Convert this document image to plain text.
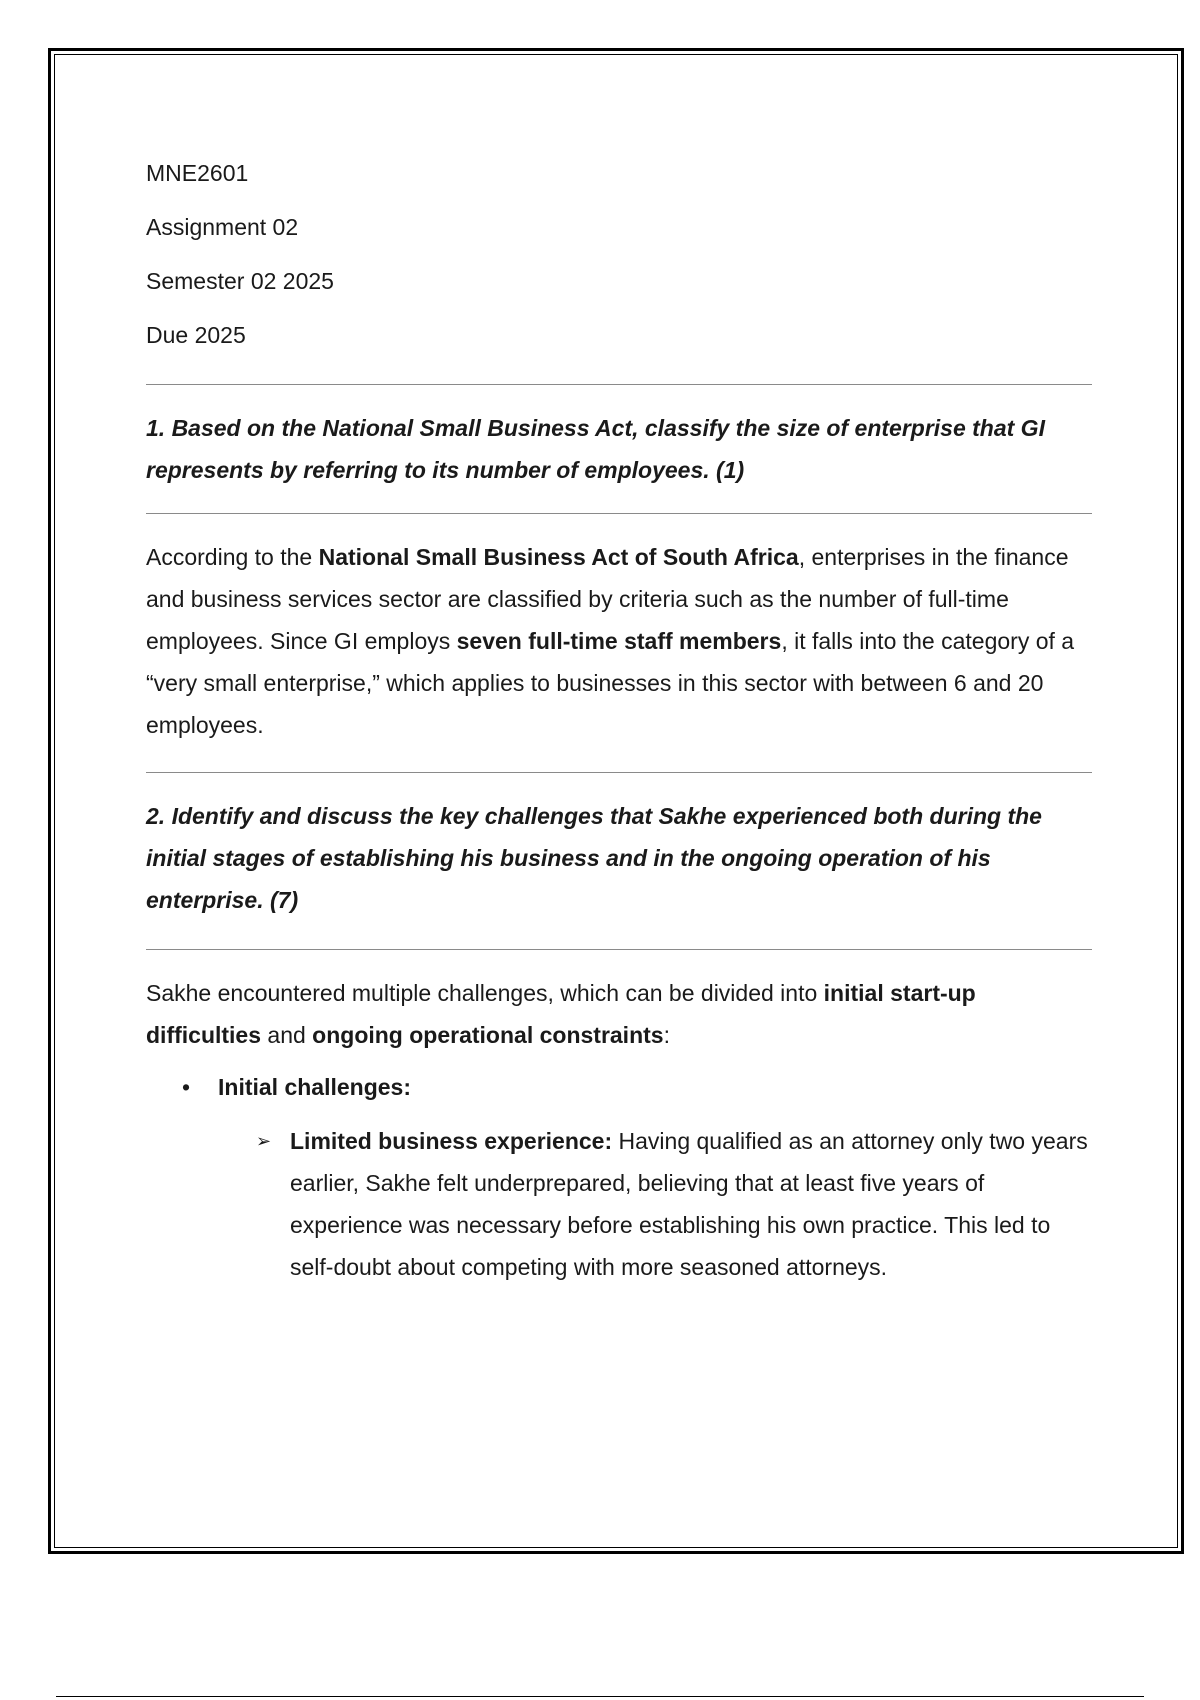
MNE2601

Assignment 02

Semester 02 2025

Due 2025

1. Based on the National Small Business Act, classify the size of enterprise that GI represents by referring to its number of employees. (1)

According to the National Small Business Act of South Africa, enterprises in the finance and business services sector are classified by criteria such as the number of full-time employees. Since GI employs seven full-time staff members, it falls into the category of a “very small enterprise,” which applies to businesses in this sector with between 6 and 20 employees.

2. Identify and discuss the key challenges that Sakhe experienced both during the initial stages of establishing his business and in the ongoing operation of his enterprise. (7)

Sakhe encountered multiple challenges, which can be divided into initial start-up difficulties and ongoing operational constraints:

• Initial challenges:
➢ Limited business experience: Having qualified as an attorney only two years earlier, Sakhe felt underprepared, believing that at least five years of experience was necessary before establishing his own practice. This led to self-doubt about competing with more seasoned attorneys.
